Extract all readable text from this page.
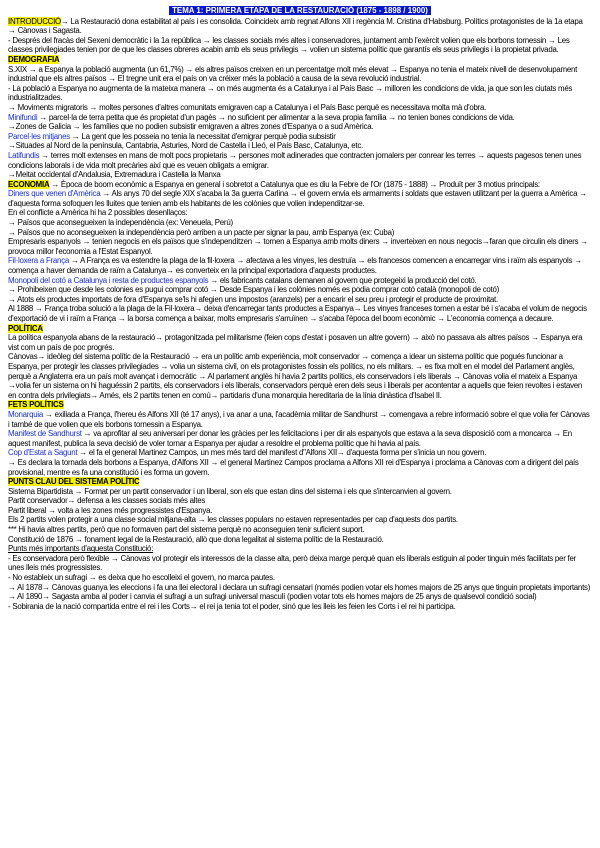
TEMA 1: PRIMERA ETAPA DE LA RESTAURACIÓ (1875 - 1898 / 1900)

INTRODUCCIÓ→ La Restauració dona estabilitat al país i es consolida. Coincideix amb regnat Alfons XII i regència M. Cristina d'Habsburg. Polítics protagonistes de la 1a etapa → Cànovas i Sagasta.

- Després del fracàs del Sexeni democràtic i la 1a república → les classes socials més altes i conservadores, juntament amb l'exèrcit volien que els borbons tornessin → Les classes privilegiades tenien por de que les classes obreres acabin amb els seus privilegis → volien un sistema polític que garantís els seus privilegis i la propietat privada.

DEMOGRAFIA

S.XIX → a Espanya la població augmenta (un 61,7%) → els altres països creixen en un percentatge molt més elevat → Espanya no tenia el mateix nivell de desenvolupament industrial que els altres països → El tregne unit era el país on va créixer més la població a causa de la seva revolució industrial.

- La població a Espanya no augmenta de la mateixa manera → on més augmenta és a Catalunya i al País Basc → milloren les condicions de vida, ja que son les ciutats més industrialitzades.

→ Moviments migratoris → moltes persones d'altres comunitats emigraven cap a Catalunya i el País Basc perquè es necessitava molta mà d'obra.

Minifundi → parcel·la de terra petita que és propietat d'un pagès → no suficient per alimentar a la seva propia família → no tenien bones condicions de vida.

→Zones de Galicia → les famílies que no podien subsistir emigraven a altres zones d'Espanya o a sud Amèrica.

Parcel·les mitjanes → La gent que les posseia no tenia la necessitat d'emigrar perquè podia subsistir

→Situades al Nord de la península, Cantabria, Asturies, Nord de Castella i Lleó, el País Basc, Catalunya, etc.

Latifundis → terres molt extenses en mans de molt pocs propietaris → persones molt adinerades que contracten jornalers per conrear les terres → aquests pagesos tenen unes condicions laborals i de vida molt precàries així que es veuen obligats a emigrar.

→Meitat occidental d'Andalusia, Extremadura i Castella la Manxa

ECONOMIA → Època de boom econòmic a Espanya en general i sobretot a Catalunya que es diu la Febre de l'Or (1875 - 1888) → Produït per 3 motius principals:

Diners que venen d'Amèrica → Als anys 70 del segle XIX s'acaba la 3a guerra Carlina → el govern envia els armaments i soldats que estaven utilitzant per la guerra a Amèrica → d'aquesta forma sofoquen les lluites que tenien amb els habitants de les colònies que volien independitzar-se.

En el conflicte a Amèrica hi ha 2 possibles desenllaços:

→ Països que aconsegueixen la independència (ex: Veneuela, Perú)

→ Països que no aconsegueixen la independència però arriben a un pacte per signar la pau, amb Espanya (ex: Cuba)

Empresaris espanyols → tenien negocis en els països que s'independitzen → tornen a Espanya amb molts diners → inverteixen en nous negocis→faran que circulin els diners → provoca millor l'economia a l'Estat Espanyol.

Fil·loxera a França → A França es va estendre la plaga de la fil·loxera → afectava a les vinyes, les destruïa → els francesos comencen a encarregar vins i raïm als espanyols → comença a haver demanda de raïm a Catalunya→ es converteix en la principal exportadora d'aquests productes.

Monopoli del cotó a Catalunya i resta de productes espanyols → els fabricants catalans demanen al govern que protegeixi la producció del cotó.

→ Prohibeixen que desde les colonies es pugui comprar cotó → Desde Espanya i les colònies només es podia comprar cotó català (monopoli de cotó)

→ Atots els productes importats de fora d'Espanya se'ls hi afegien uns impostos (aranzels) per a encarir el seu preu i protegir el producte de proximitat.

Al 1888 → França troba solució a la plaga de la Fil·loxera→ deixa d'encarregar tants productes a Espanya→ Les vinyes franceses tornen a estar bé i s'acaba el volum de negocis d'exportació de vi i raïm a França → la borsa comença a baixar, molts empresaris s'arruïnen → s'acaba l'època del boom econòmic → L'economia comença a decaure.

POLÍTICA

La política espanyola abans de la restauració→ protagonitzada pel militarisme (feien cops d'estat i posaven un altre govern) → això no passava als altres països → Espanya era vist com un país de poc progrés.

Cànovas→ ideòleg del sistema polític de la Restauració → era un polític amb experiència, molt conservador → comença a idear un sistema polític que pogués funcionar a Espanya, per protegir les classes privilegiades → volia un sistema civil, on els protagonistes fossin els polítics, no els militars. → es fixa molt en el model del Parlament anglès, perquè a Anglaterra era un país molt avançat i democràtic → Al parlament anglès hi havia 2 partits polítics, els conservadors i els liberals → Cànovas volia el mateix a Espanya →volia fer un sistema on hi haguéssin 2 partits, els conservadors i els liberals, conservadors perquè eren dels seus i liberals per acontentar a aquells que feien revoltes i estaven en contra dels privilegiats→ Amés, els 2 partits tenen en comú→ partidaris d'una monarquia hereditaria de la línia dinàstica d'Isabel II.

FETS POLÍTICS

Monarquia → exiliada a França, l'hereu és Alfons XII (té 17 anys), i va anar a una, l'acadèmia militar de Sandhurst → comengava a rebre informació sobre el que volia fer Cànovas i també de que volien que els borbons tornessin a Espanya.

Manifest de Sandhurst → va aprofitar al seu aniversari per donar les gràcies per les felicitacions i per dir als espanyols que estava a la seva disposició com a moncarca → En aquest manifest, publica la seva decisió de voler tornar a Espanya per ajudar a resoldre el problema polític que hi havia al país.

Cop d'Estat a Sagunt → el fa el general Martinez Campos, un mes més tard del manifest d"Alfons XII→ d'aquesta forma per s'inicia un nou govern.

→ Es declara la tornada dels borbons a Espanya, d'Alfons XII → el general Martinez Campos proclama a Alfons XII rei d'Espanya i proclama a Cànovas com a dirigent del país provisional, mentre es fa una constitució i es forma un govern.

PUNTS CLAU DEL SISTEMA POLÍTIC

Sistema Bipartidista → Format per un partit conservador i un liberal, son els que estan dins del sistema i els que s'intercanvien al govern.

Partit conservador→ defensa a les classes socials més altes

Partit liberal → volta a les zones més progressistes d'Espanya.

Els 2 partits volen protegir a una classe social mitjana-alta → les classes populars no estaven representades per cap d'aquests dos partits.

*** Hi havia altres partits, però que no formaven part del sistema perquè no aconseguien tenir suficient suport.

Constitució de 1876 → fonament legal de la Restauració, allò que dona legalitat al sistema polític de la Restauració.

Punts més importants d'aquesta Constitució:

- Es conservadora però flexible → Cànovas vol protegir els interessos de la classe alta, però deixa marge perquè quan els liberals estiguin al poder tinguin més facilitats per fer unes lleis més progressistes.

- No estableix un sufragi → es deixa que ho escolleixi el govern, no marca pautes.

→ Al 1878→ Cànovas guanya les eleccions i fa una llei electoral i declara un sufragi censatari (només podien votar els homes majors de 25 anys que tinguin propietats importants)

→ Al 1890→ Sagasta amba al poder i canvia el sufragi a un sufragi universal masculí (podien votar tots els homes majors de 25 anys de qualsevol condició social)

- Sobirania de la nació compartida entre el rei i les Corts→ el rei ja tenia tot el poder, sinó que les lleis les feien les Corts i el rei hi participa.
